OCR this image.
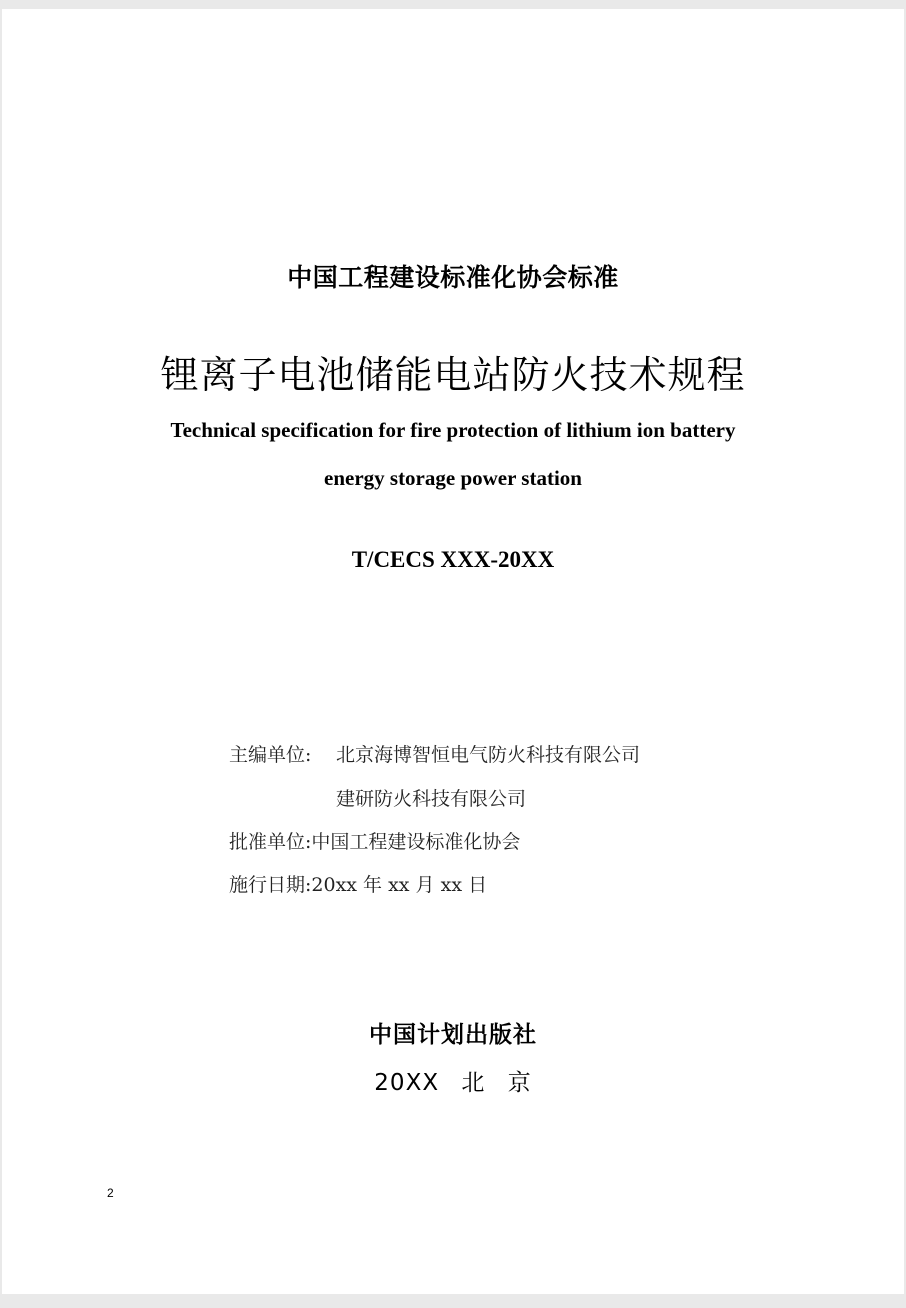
中国工程建设标准化协会标准
锂离子电池储能电站防火技术规程
Technical specification for fire protection of lithium ion battery
energy storage power station
T/CECS XXX-20XX
主编单位: 北京海博智恒电气防火科技有限公司
建研防火科技有限公司
批准单位:中国工程建设标准化协会
施行日期:20xx 年 xx 月 xx 日
中国计划出版社
20XX 北 京
2
